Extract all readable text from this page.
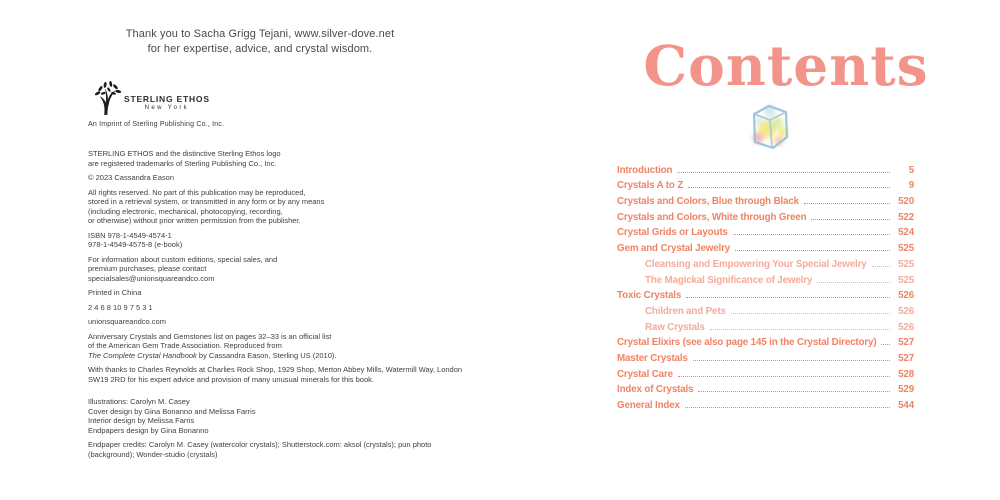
Thank you to Sacha Grigg Tejani, www.silver-dove.net
for her expertise, advice, and crystal wisdom.
STERLING ETHOS
New York
An Imprint of Sterling Publishing Co., Inc.
STERLING ETHOS and the distinctive Sterling Ethos logo
are registered trademarks of Sterling Publishing Co., Inc.
© 2023 Cassandra Eason
All rights reserved. No part of this publication may be reproduced,
stored in a retrieval system, or transmitted in any form or by any means
(including electronic, mechanical, photocopying, recording,
or otherwise) without prior written permission from the publisher.
ISBN 978-1-4549-4574-1
978-1-4549-4575-8 (e-book)
For information about custom editions, special sales, and
premium purchases, please contact
specialsales@unionsquareandco.com
Printed in China
2 4 6 8 10 9 7 5 3 1
unionsquareandco.com
Anniversary Crystals and Gemstones list on pages 32–33 is an official list
of the American Gem Trade Association. Reproduced from
The Complete Crystal Handbook by Cassandra Eason, Sterling US (2010).
With thanks to Charles Reynolds at Charlies Rock Shop, 1929 Shop, Merton Abbey Mills, Watermill Way, London
SW19 2RD for his expert advice and provision of many unusual minerals for this book.
Illustrations: Carolyn M. Casey
Cover design by Gina Bonanno and Melissa Farris
Interior design by Melissa Farris
Endpapers design by Gina Bonanno
Endpaper credits: Carolyn M. Casey (watercolor crystals); Shutterstock.com: aksol (crystals); pun photo
(background); Wonder-studio (crystals)
Contents
Introduction	5
Crystals A to Z	9
Crystals and Colors, Blue through Black	520
Crystals and Colors, White through Green	522
Crystal Grids or Layouts	524
Gem and Crystal Jewelry	525
Cleansing and Empowering Your Special Jewelry	525
The Magickal Significance of Jewelry	525
Toxic Crystals	526
Children and Pets	526
Raw Crystals	526
Crystal Elixirs (see also page 145 in the Crystal Directory)	527
Master Crystals	527
Crystal Care	528
Index of Crystals	529
General Index	544
